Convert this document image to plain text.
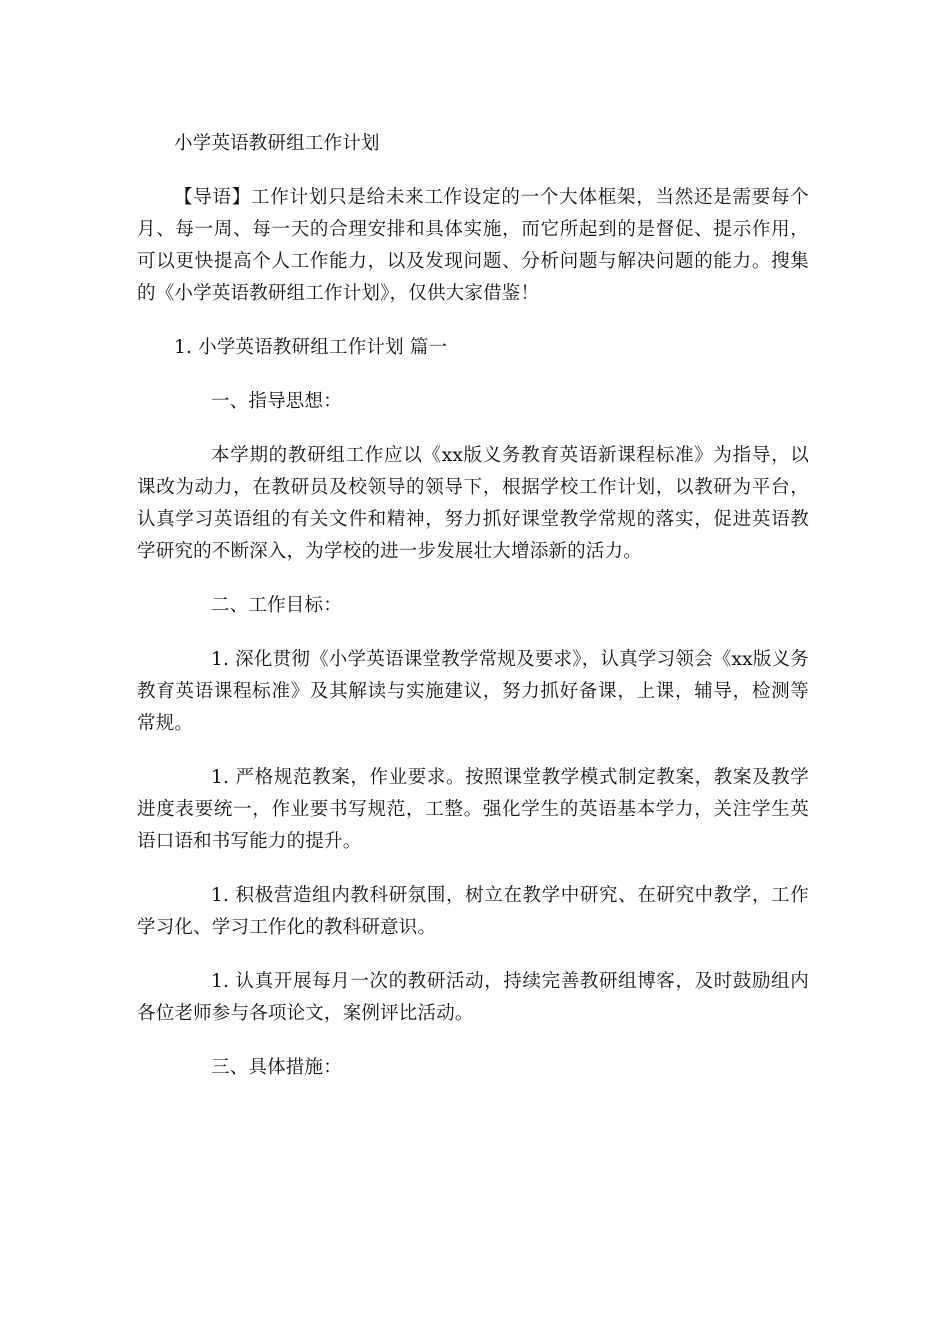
小学英语教研组工作计划

【导语】工作计划只是给未来工作设定的一个大体框架，当然还是需要每个月、每一周、每一天的合理安排和具体实施，而它所起到的是督促、提示作用，可以更快提高个人工作能力，以及发现问题、分析问题与解决问题的能力。搜集的《小学英语教研组工作计划》，仅供大家借鉴！

1. 小学英语教研组工作计划 篇一
一、指导思想：

本学期的教研组工作应以《xx版义务教育英语新课程标准》为指导，以课改为动力，在教研员及校领导的领导下，根据学校工作计划，以教研为平台，认真学习英语组的有关文件和精神，努力抓好课堂教学常规的落实，促进英语教学研究的不断深入，为学校的进一步发展壮大增添新的活力。

二、工作目标：

1. 深化贯彻《小学英语课堂教学常规及要求》，认真学习领会《xx版义务教育英语课程标准》及其解读与实施建议，努力抓好备课，上课，辅导，检测等常规。

1. 严格规范教案，作业要求。按照课堂教学模式制定教案，教案及教学进度表要统一，作业要书写规范，工整。强化学生的英语基本学力，关注学生英语口语和书写能力的提升。

1. 积极营造组内教科研氛围，树立在教学中研究、在研究中教学，工作学习化、学习工作化的教科研意识。

1. 认真开展每月一次的教研活动，持续完善教研组博客，及时鼓励组内各位老师参与各项论文，案例评比活动。

三、具体措施：
